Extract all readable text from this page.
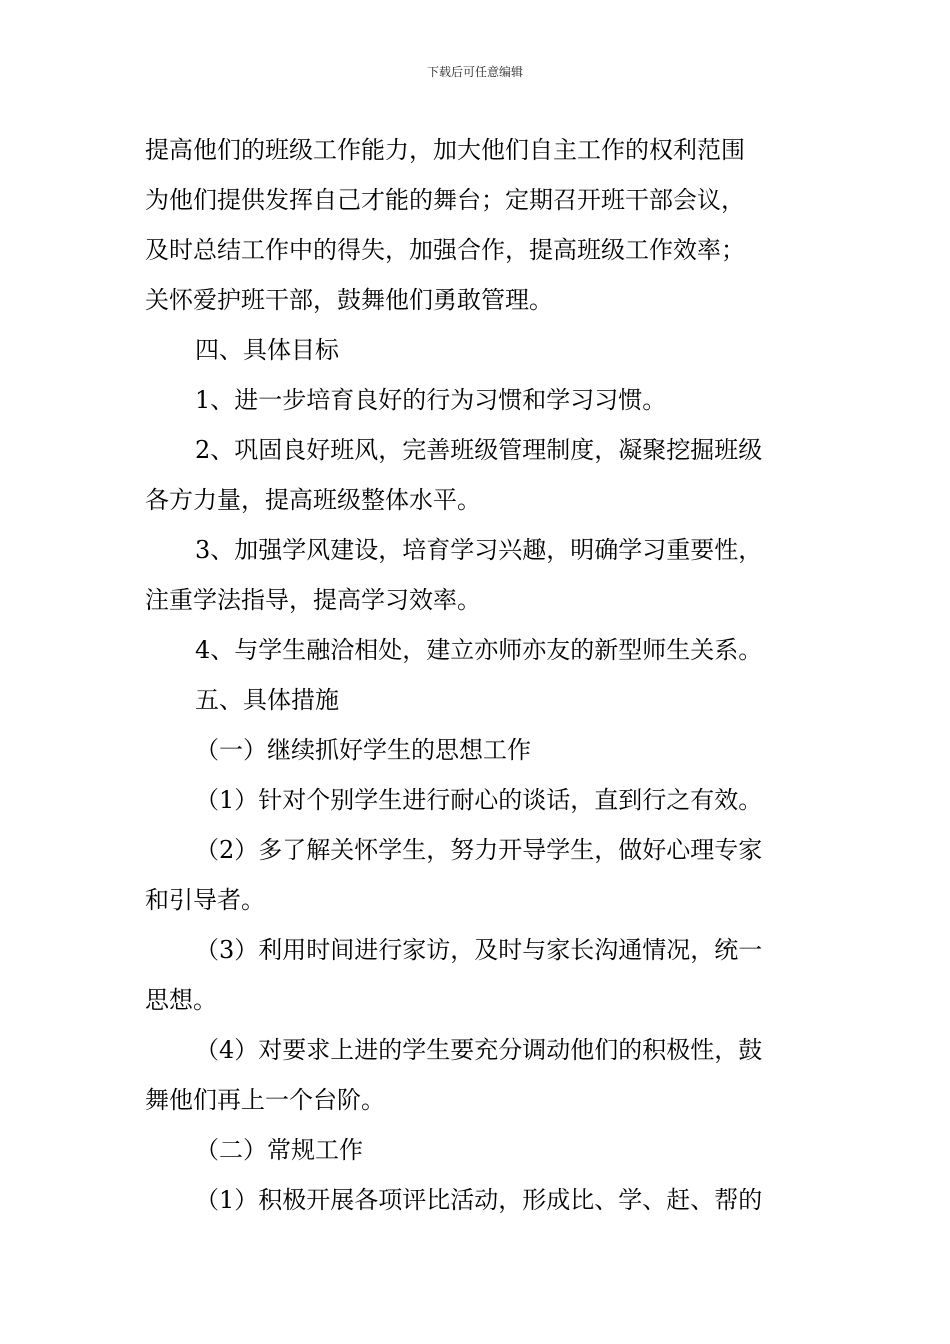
下载后可任意编辑
提高他们的班级工作能力，加大他们自主工作的权利范围
为他们提供发挥自己才能的舞台；定期召开班干部会议，
及时总结工作中的得失，加强合作，提高班级工作效率；
关怀爱护班干部，鼓舞他们勇敢管理。
四、具体目标
1、进一步培育良好的行为习惯和学习习惯。
2、巩固良好班风，完善班级管理制度，凝聚挖掘班级
各方力量，提高班级整体水平。
3、加强学风建设，培育学习兴趣，明确学习重要性，
注重学法指导，提高学习效率。
4、与学生融洽相处，建立亦师亦友的新型师生关系。
五、具体措施
（一）继续抓好学生的思想工作
（1）针对个别学生进行耐心的谈话，直到行之有效。
（2）多了解关怀学生，努力开导学生，做好心理专家
和引导者。
（3）利用时间进行家访，及时与家长沟通情况，统一
思想。
（4）对要求上进的学生要充分调动他们的积极性，鼓
舞他们再上一个台阶。
（二）常规工作
（1）积极开展各项评比活动，形成比、学、赶、帮的
